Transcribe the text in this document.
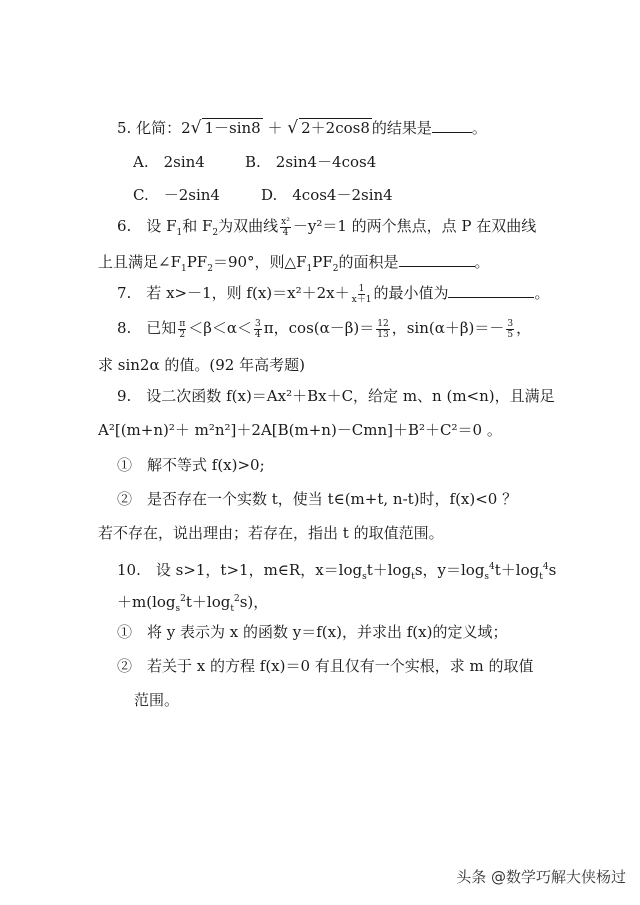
5. 化简：2√ 1－sin8 ＋ √ 2＋2cos8 的结果是	。
A.　2sin4	B.　2sin4－4cos4
C.　－2sin4	D.　4cos4－2sin4
6.　设 $F_1$和 $F_2$为双曲线 $\frac{\text{x²}}{4} -y^2=1$ 的两个焦点，点 P 在双曲线
上且满足$\angle F_1PF_2=90^\circ$，则$\triangle F_1PF_2$的面积是	。
7.　若 x>－1，则 $f(x)=x^2+2x+ \frac{1}{x+1}$ 的最小值为	。
8.　已知 $\frac{\pi}{2} <\beta<\alpha< \frac{3}{4}$ π，$\cos(\alpha-\beta)= \frac{12}{13}$ ，$\sin(\alpha+\beta)=- \frac{3}{5}$ ，
求 sin2α 的值。(92 年高考题)
9.　设二次函数 f(x)＝Ax²＋Bx＋C，给定 m、n (m<n)，且满足
A²[(m+n)²＋ m²n²]＋2A[B(m+n)－Cmn]＋B²＋C²＝0 。
①　解不等式 f(x)>0;
②　是否存在一个实数 t，使当 t∈(m+t, n-t)时，f(x)<0 ？
若不存在，说出理由；若存在，指出 t 的取值范围。
10.　设 s>1，t>1，m∈R，$x=\log_st+\log_ts$，$y=\log_s^4t+\log_t^4s$
$+m(\log_s^2t+\log_t^2s)$，
①　将 y 表示为 x 的函数 y＝f(x)，并求出 f(x)的定义域；
②　若关于 x 的方程 f(x)＝0 有且仅有一个实根，求 m 的取值
范围。
头条 @数学巧解大侠杨过
